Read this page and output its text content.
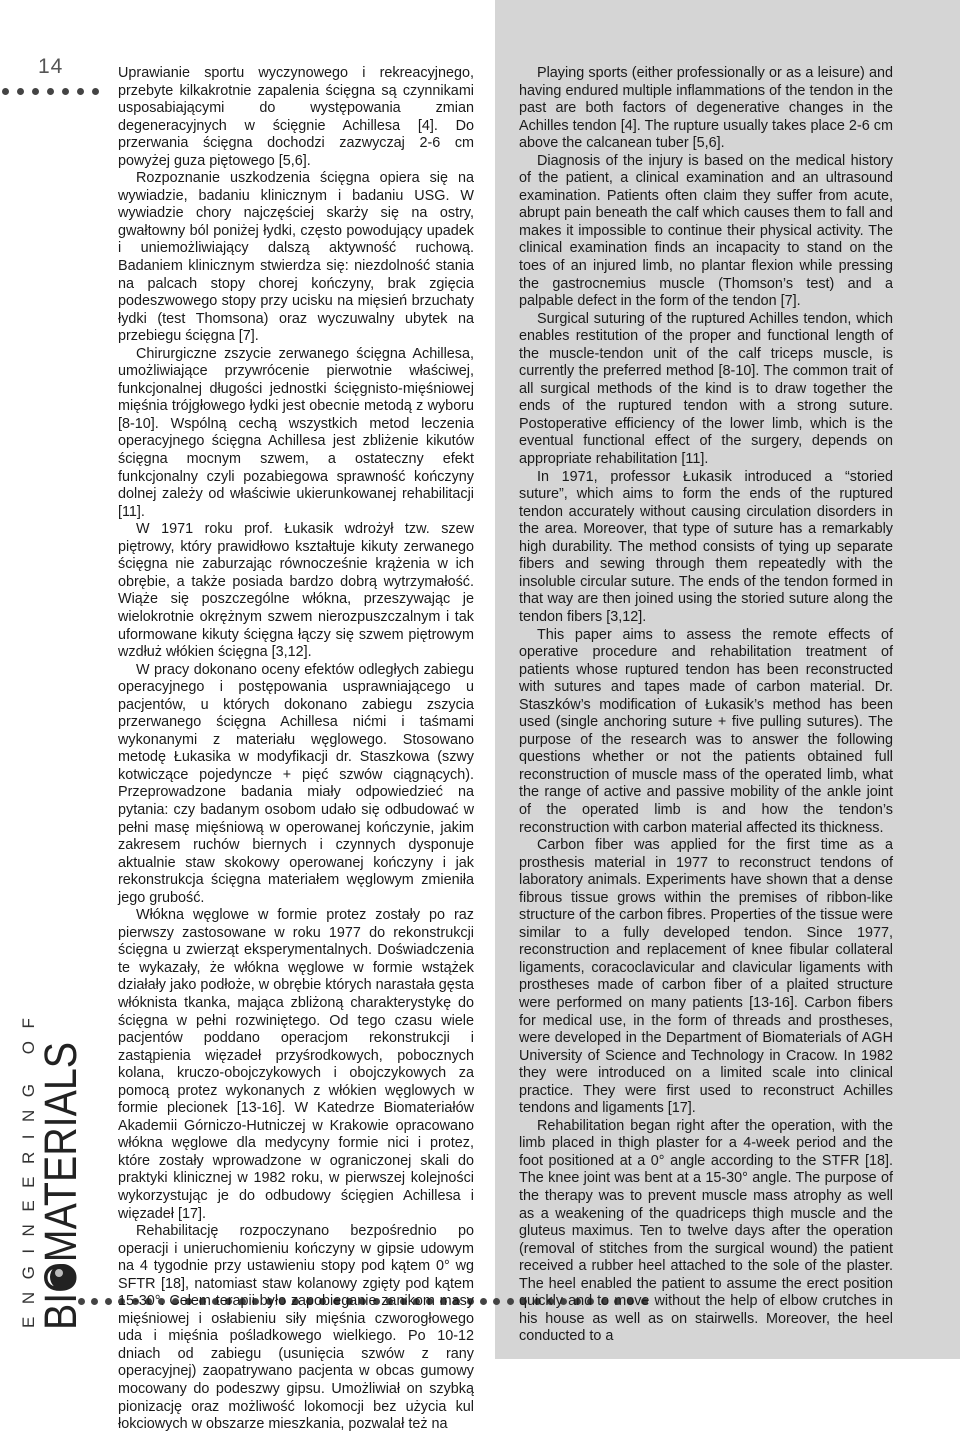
14
ENGINEERING OF
BIOMATERIALS

Uprawianie sportu wyczynowego i rekreacyjnego, przebyte kilkakrotnie zapalenia ścięgna są czynnikami usposabiającymi do występowania zmian degeneracyjnych w ścięgnie Achillesa [4]. Do przerwania ścięgna dochodzi zazwyczaj 2-6 cm powyżej guza piętowego [5,6].

Rozpoznanie uszkodzenia ścięgna opiera się na wywiadzie, badaniu klinicznym i badaniu USG. W wywiadzie chory najczęściej skarży się na ostry, gwałtowny ból poniżej łydki, często powodujący upadek i uniemożliwiający dalszą aktywność ruchową. Badaniem klinicznym stwierdza się: niezdolność stania na palcach stopy chorej kończyny, brak zgięcia podeszwowego stopy przy ucisku na mięsień brzuchaty łydki (test Thomsona) oraz wyczuwalny ubytek na przebiegu ścięgna [7].

Chirurgiczne zszycie zerwanego ścięgna Achillesa, umożliwiające przywrócenie pierwotnie właściwej, funkcjonalnej długości jednostki ścięgnisto-mięśniowej mięśnia trójgłowego łydki jest obecnie metodą z wyboru [8-10]. Wspólną cechą wszystkich metod leczenia operacyjnego ścięgna Achillesa jest zbliżenie kikutów ścięgna mocnym szwem, a ostateczny efekt funkcjonalny czyli pozabiegowa sprawność kończyny dolnej zależy od właściwie ukierunkowanej rehabilitacji [11].

W 1971 roku prof. Łukasik wdrożył tzw. szew piętrowy, który prawidłowo kształtuje kikuty zerwanego ścięgna nie zaburzając równocześnie krążenia w ich obrębie, a także posiada bardzo dobrą wytrzymałość. Wiąże się poszczególne włókna, przeszywając je wielokrotnie okrężnym szwem nierozpuszczalnym i tak uformowane kikuty ścięgna łączy się szwem piętrowym wzdłuż włókien ścięgna [3,12].

W pracy dokonano oceny efektów odległych zabiegu operacyjnego i postępowania usprawniającego u pacjentów, u których dokonano zabiegu zszycia przerwanego ścięgna Achillesa nićmi i taśmami wykonanymi z materiału węglowego. Stosowano metodę Łukasika w modyfikacji dr. Staszkowa (szwy kotwiczące pojedyncze + pięć szwów ciągnących). Przeprowadzone badania miały odpowiedzieć na pytania: czy badanym osobom udało się odbudować w pełni masę mięśniową w operowanej kończynie, jakim zakresem ruchów biernych i czynnych dysponuje aktualnie staw skokowy operowanej kończyny i jak rekonstrukcja ścięgna materiałem węglowym zmieniła jego grubość.

Włókna węglowe w formie protez zostały po raz pierwszy zastosowane w roku 1977 do rekonstrukcji ścięgna u zwierząt eksperymentalnych. Doświadczenia te wykazały, że włókna węglowe w formie wstążek działały jako podłoże, w obrębie których narastała gęsta włóknista tkanka, mająca zbliżoną charakterystykę do ścięgna w pełni rozwiniętego. Od tego czasu wiele pacjentów poddano operacjom rekonstrukcji i zastąpienia więzadeł przyśrodkowych, pobocznych kolana, kruczo-obojczykowych i obojczykowych za pomocą protez wykonanych z włókien węglowych w formie plecionek [13-16]. W Katedrze Biomateriałów Akademii Górniczo-Hutniczej w Krakowie opracowano włókna węglowe dla medycyny formie nici i protez, które zostały wprowadzone w ograniczonej skali do praktyki klinicznej w 1982 roku, w pierwszej kolejności wykorzystując je do odbudowy ścięgien Achillesa i więzadeł [17].

Rehabilitację rozpoczynano bezpośrednio po operacji i unieruchomieniu kończyny w gipsie udowym na 4 tygodnie przy ustawieniu stopy pod kątem 0° wg SFTR [18], natomiast staw kolanowy zgięty pod kątem 15-30°. Celem terapii było zapobieganie zanikom masy mięśniowej i osłabieniu siły mięśnia czworogłowego uda i mięśnia pośladkowego wielkiego. Po 10-12 dniach od zabiegu (usunięcia szwów z rany operacyjnej) zaopatrywano pacjenta w obcas gumowy mocowany do podeszwy gipsu. Umożliwiał on szybką pionizację oraz możliwość lokomocji bez użycia kul łokciowych w obszarze mieszkania, pozwalał też na

Playing sports (either professionally or as a leisure) and having endured multiple inflammations of the tendon in the past are both factors of degenerative changes in the Achilles tendon [4]. The rupture usually takes place 2-6 cm above the calcanean tuber [5,6].

Diagnosis of the injury is based on the medical history of the patient, a clinical examination and an ultrasound examination. Patients often claim they suffer from acute, abrupt pain beneath the calf which causes them to fall and makes it impossible to continue their physical activity. The clinical examination finds an incapacity to stand on the toes of an injured limb, no plantar flexion while pressing the gastrocnemius muscle (Thomson’s test) and a palpable defect in the form of the tendon [7].

Surgical suturing of the ruptured Achilles tendon, which enables restitution of the proper and functional length of the muscle-tendon unit of the calf triceps muscle, is currently the preferred method [8-10]. The common trait of all surgical methods of the kind is to draw together the ends of the ruptured tendon with a strong suture. Postoperative efficiency of the lower limb, which is the eventual functional effect of the surgery, depends on appropriate rehabilitation [11].

In 1971, professor Łukasik introduced a “storied suture”, which aims to form the ends of the ruptured tendon accurately without causing circulation disorders in the area. Moreover, that type of suture has a remarkably high durability. The method consists of tying up separate fibers and sewing through them repeatedly with the insoluble circular suture. The ends of the tendon formed in that way are then joined using the storied suture along the tendon fibers [3,12].

This paper aims to assess the remote effects of operative procedure and rehabilitation treatment of patients whose ruptured tendon has been reconstructed with sutures and tapes made of carbon material. Dr. Staszków’s modification of Łukasik’s method has been used (single anchoring suture + five pulling sutures). The purpose of the research was to answer the following questions whether or not the patients obtained full reconstruction of muscle mass of the operated limb, what the range of active and passive mobility of the ankle joint of the operated limb is and how the tendon’s reconstruction with carbon material affected its thickness.

Carbon fiber was applied for the first time as a prosthesis material in 1977 to reconstruct tendons of laboratory animals. Experiments have shown that a dense fibrous tissue grows within the premises of ribbon-like structure of the carbon fibres. Properties of the tissue were similar to a fully developed tendon. Since 1977, reconstruction and replacement of knee fibular collateral ligaments, coracoclavicular and clavicular ligaments with prostheses made of carbon fiber of a plaited structure were performed on many patients [13-16]. Carbon fibers for medical use, in the form of threads and prostheses, were developed in the Department of Biomaterials of AGH University of Science and Technology in Cracow. In 1982 they were introduced on a limited scale into clinical practice. They were first used to reconstruct Achilles tendons and ligaments [17].

Rehabilitation began right after the operation, with the limb placed in thigh plaster for a 4-week period and the foot positioned at a 0° angle according to the STFR [18]. The knee joint was bent at a 15-30° angle. The purpose of the therapy was to prevent muscle mass atrophy as well as a weakening of the quadriceps thigh muscle and the gluteus maximus. Ten to twelve days after the operation (removal of stitches from the surgical wound) the patient received a rubber heel attached to the sole of the plaster. The heel enabled the patient to assume the erect position quickly and to move without the help of elbow crutches in his house as well as on stairwells. Moreover, the heel conducted to a
